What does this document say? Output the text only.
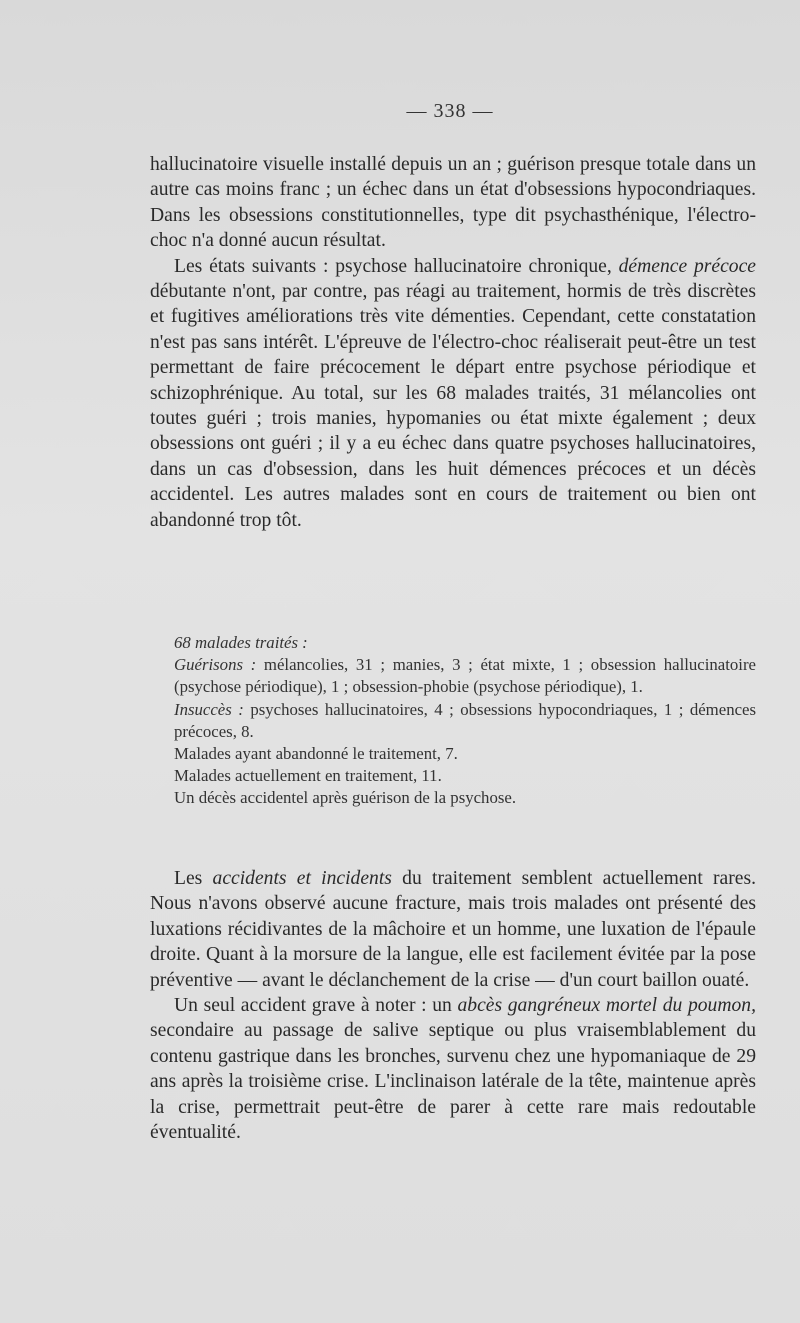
— 338 —

hallucinatoire visuelle installé depuis un an ; guérison presque totale dans un autre cas moins franc ; un échec dans un état d'obsessions hypocondriaques. Dans les obsessions constitutionnelles, type dit psychasthénique, l'électro-choc n'a donné aucun résultat.

Les états suivants : psychose hallucinatoire chronique, démence précoce débutante n'ont, par contre, pas réagi au traitement, hormis de très discrètes et fugitives améliorations très vite démenties. Cependant, cette constatation n'est pas sans intérêt. L'épreuve de l'électro-choc réaliserait peut-être un test permettant de faire précocement le départ entre psychose périodique et schizophrénique. Au total, sur les 68 malades traités, 31 mélancolies ont toutes guéri ; trois manies, hypomanies ou état mixte également ; deux obsessions ont guéri ; il y a eu échec dans quatre psychoses hallucinatoires, dans un cas d'obsession, dans les huit démences précoces et un décès accidentel. Les autres malades sont en cours de traitement ou bien ont abandonné trop tôt.

68 malades traités :

Guérisons : mélancolies, 31 ; manies, 3 ; état mixte, 1 ; obsession hallucinatoire (psychose périodique), 1 ; obsession-phobie (psychose périodique), 1.

Insuccès : psychoses hallucinatoires, 4 ; obsessions hypocondriaques, 1 ; démences précoces, 8.

Malades ayant abandonné le traitement, 7.

Malades actuellement en traitement, 11.

Un décès accidentel après guérison de la psychose.

Les accidents et incidents du traitement semblent actuellement rares. Nous n'avons observé aucune fracture, mais trois malades ont présenté des luxations récidivantes de la mâchoire et un homme, une luxation de l'épaule droite. Quant à la morsure de la langue, elle est facilement évitée par la pose préventive — avant le déclanchement de la crise — d'un court baillon ouaté.

Un seul accident grave à noter : un abcès gangréneux mortel du poumon, secondaire au passage de salive septique ou plus vraisemblablement du contenu gastrique dans les bronches, survenu chez une hypomaniaque de 29 ans après la troisième crise. L'inclinaison latérale de la tête, maintenue après la crise, permettrait peut-être de parer à cette rare mais redoutable éventualité.
